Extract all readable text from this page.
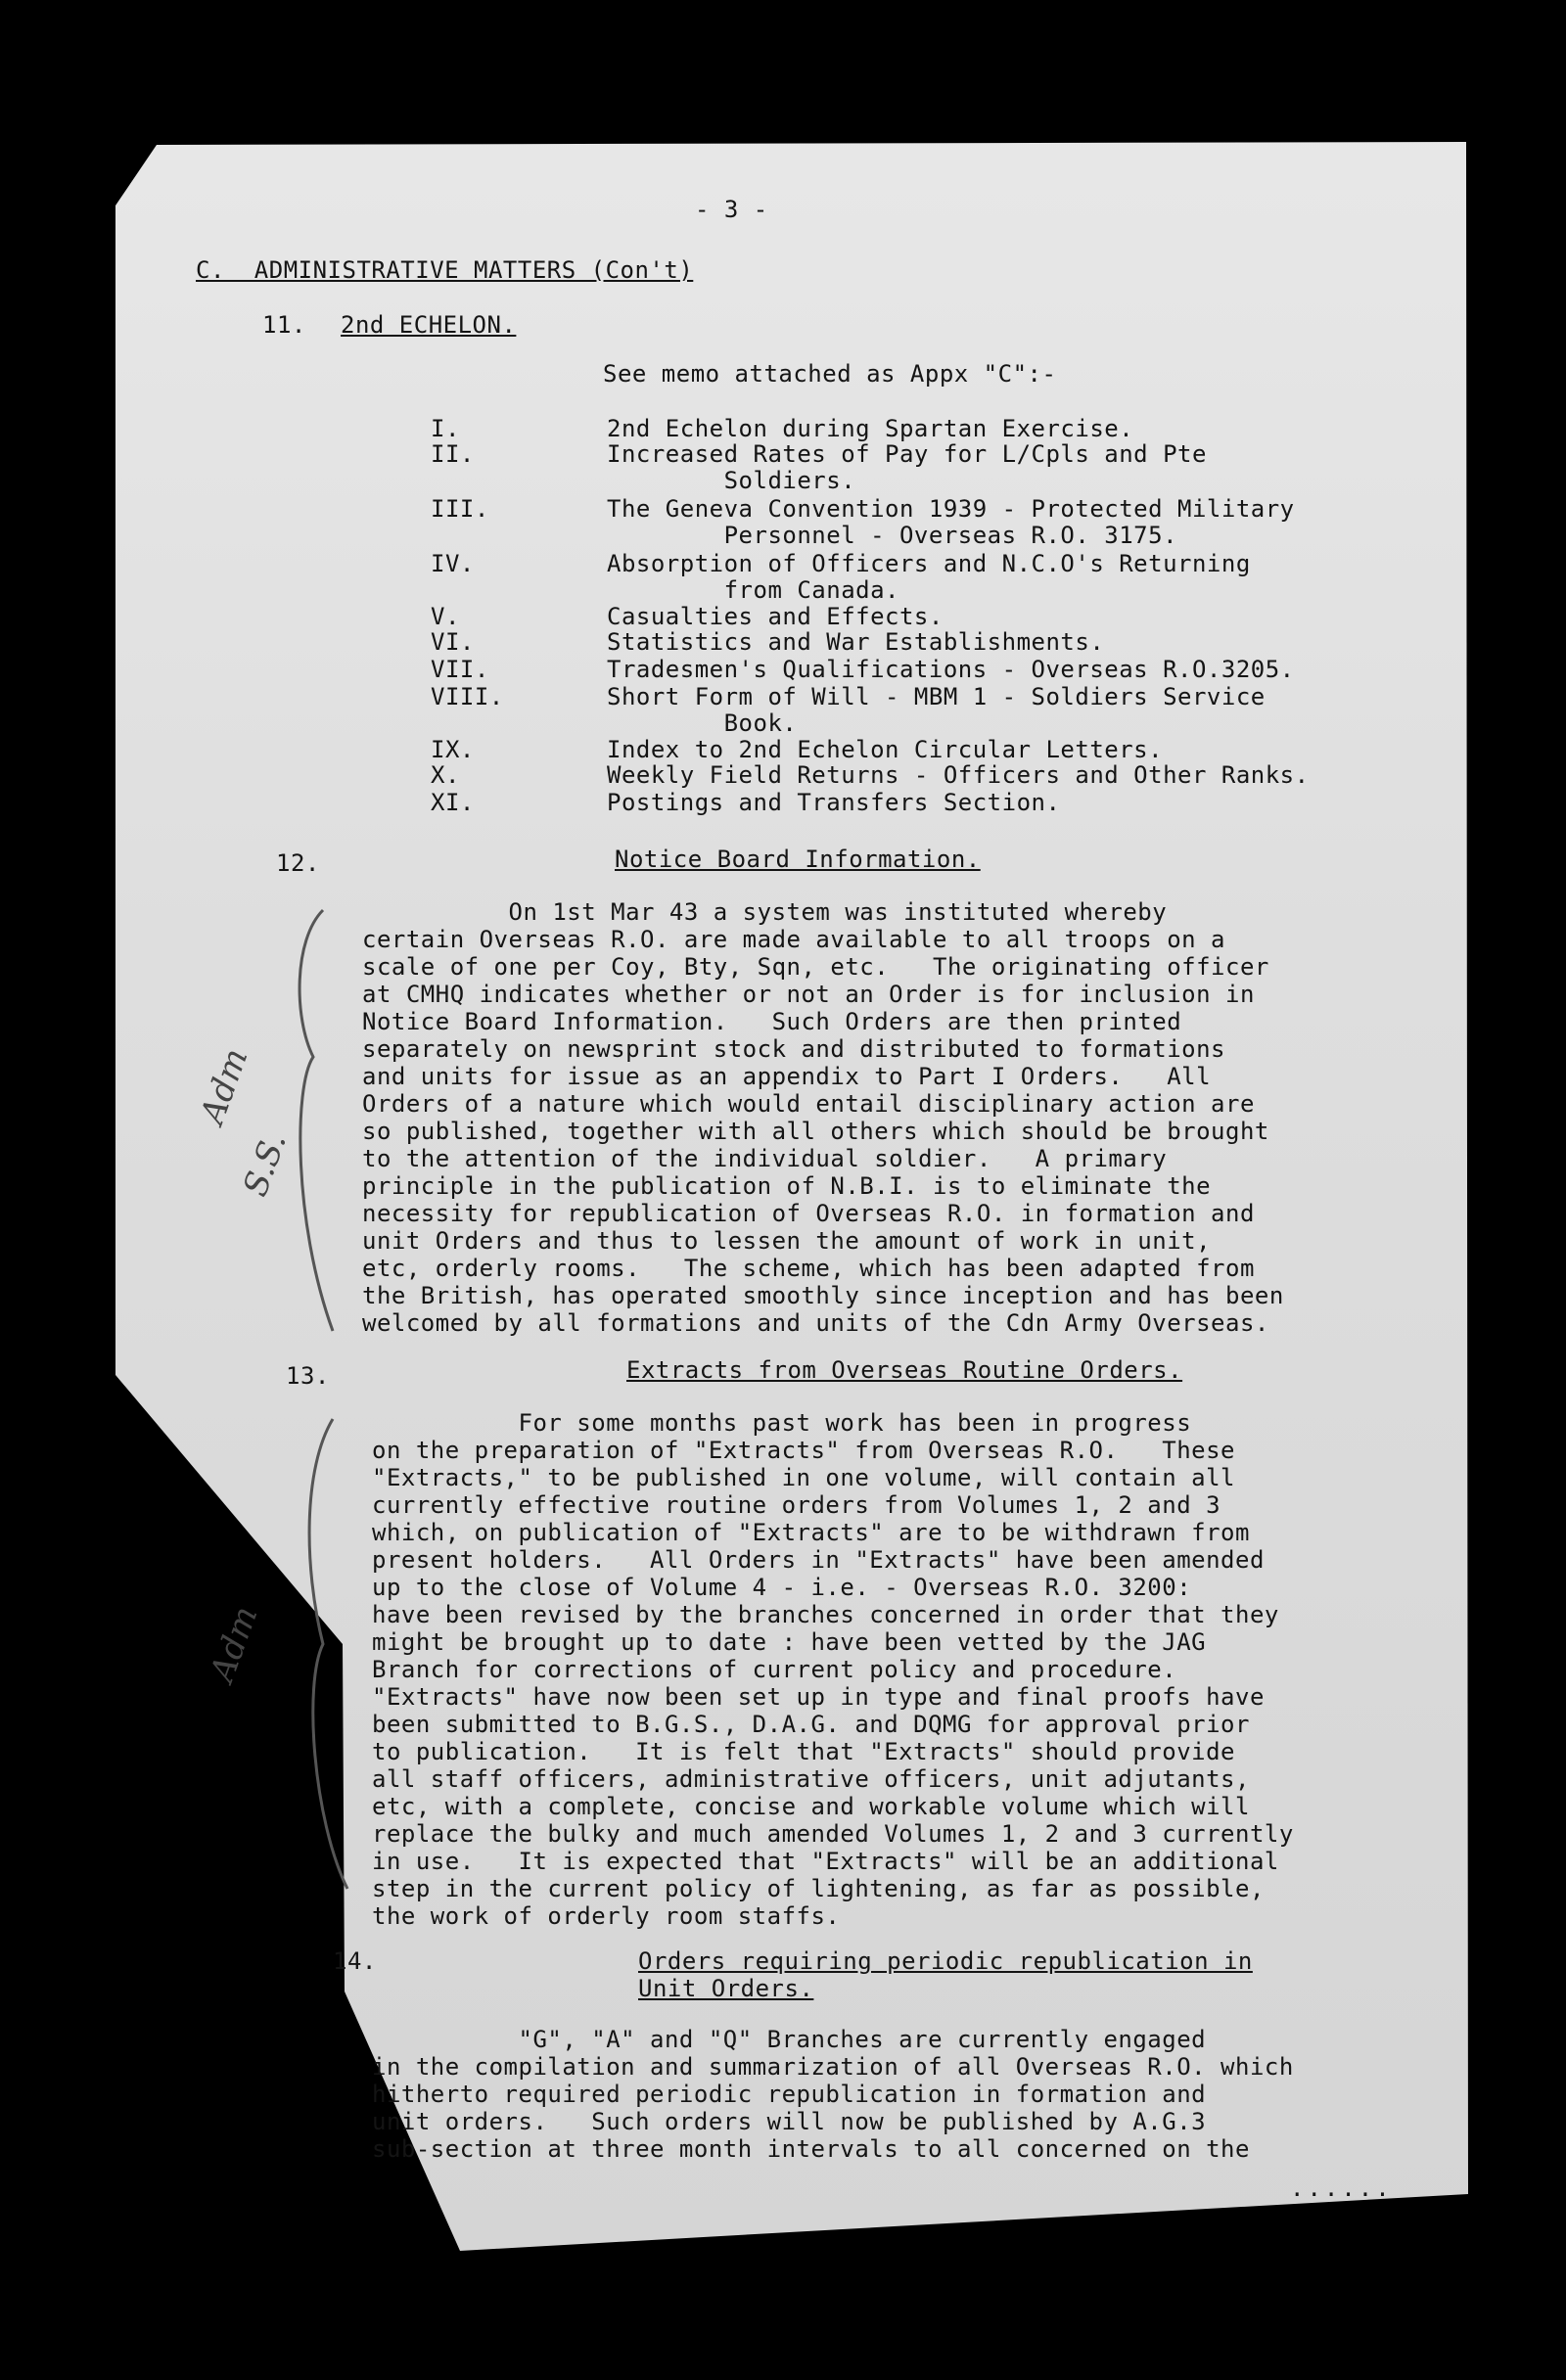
- 3 -
C.  ADMINISTRATIVE MATTERS (Con't)
11. 2nd ECHELON.
See memo attached as Appx "C":-
I.	2nd Echelon during Spartan Exercise.
II.	Increased Rates of Pay for L/Cpls and Pte
Soldiers.
III.	The Geneva Convention 1939 - Protected Military
Personnel - Overseas R.O. 3175.
IV.	Absorption of Officers and N.C.O's Returning
from Canada.
V.	Casualties and Effects.
VI.	Statistics and War Establishments.
VII.	Tradesmen's Qualifications - Overseas R.O.3205.
VIII.	Short Form of Will - MBM 1 - Soldiers Service
Book.
IX.	Index to 2nd Echelon Circular Letters.
X.	Weekly Field Returns - Officers and Other Ranks.
XI.	Postings and Transfers Section.
12.	Notice Board Information.
On 1st Mar 43 a system was instituted whereby
certain Overseas R.O. are made available to all troops on a
scale of one per Coy, Bty, Sqn, etc.   The originating officer
at CMHQ indicates whether or not an Order is for inclusion in
Notice Board Information.   Such Orders are then printed
separately on newsprint stock and distributed to formations
and units for issue as an appendix to Part I Orders.   All
Orders of a nature which would entail disciplinary action are
so published, together with all others which should be brought
to the attention of the individual soldier.   A primary
principle in the publication of N.B.I. is to eliminate the
necessity for republication of Overseas R.O. in formation and
unit Orders and thus to lessen the amount of work in unit,
etc, orderly rooms.   The scheme, which has been adapted from
the British, has operated smoothly since inception and has been
welcomed by all formations and units of the Cdn Army Overseas.
13.	Extracts from Overseas Routine Orders.
For some months past work has been in progress
on the preparation of "Extracts" from Overseas R.O.   These
"Extracts," to be published in one volume, will contain all
currently effective routine orders from Volumes 1, 2 and 3
which, on publication of "Extracts" are to be withdrawn from
present holders.   All Orders in "Extracts" have been amended
up to the close of Volume 4 - i.e. - Overseas R.O. 3200:
have been revised by the branches concerned in order that they
might be brought up to date : have been vetted by the JAG
Branch for corrections of current policy and procedure.
"Extracts" have now been set up in type and final proofs have
been submitted to B.G.S., D.A.G. and DQMG for approval prior
to publication.   It is felt that "Extracts" should provide
all staff officers, administrative officers, unit adjutants,
etc, with a complete, concise and workable volume which will
replace the bulky and much amended Volumes 1, 2 and 3 currently
in use.   It is expected that "Extracts" will be an additional
step in the current policy of lightening, as far as possible,
the work of orderly room staffs.
14.	Orders requiring periodic republication in
Unit Orders.
"G", "A" and "Q" Branches are currently engaged
in the compilation and summarization of all Overseas R.O. which
hitherto required periodic republication in formation and
unit orders.   Such orders will now be published by A.G.3
sub-section at three month intervals to all concerned on the
......
Adm
S.S.
Adm
